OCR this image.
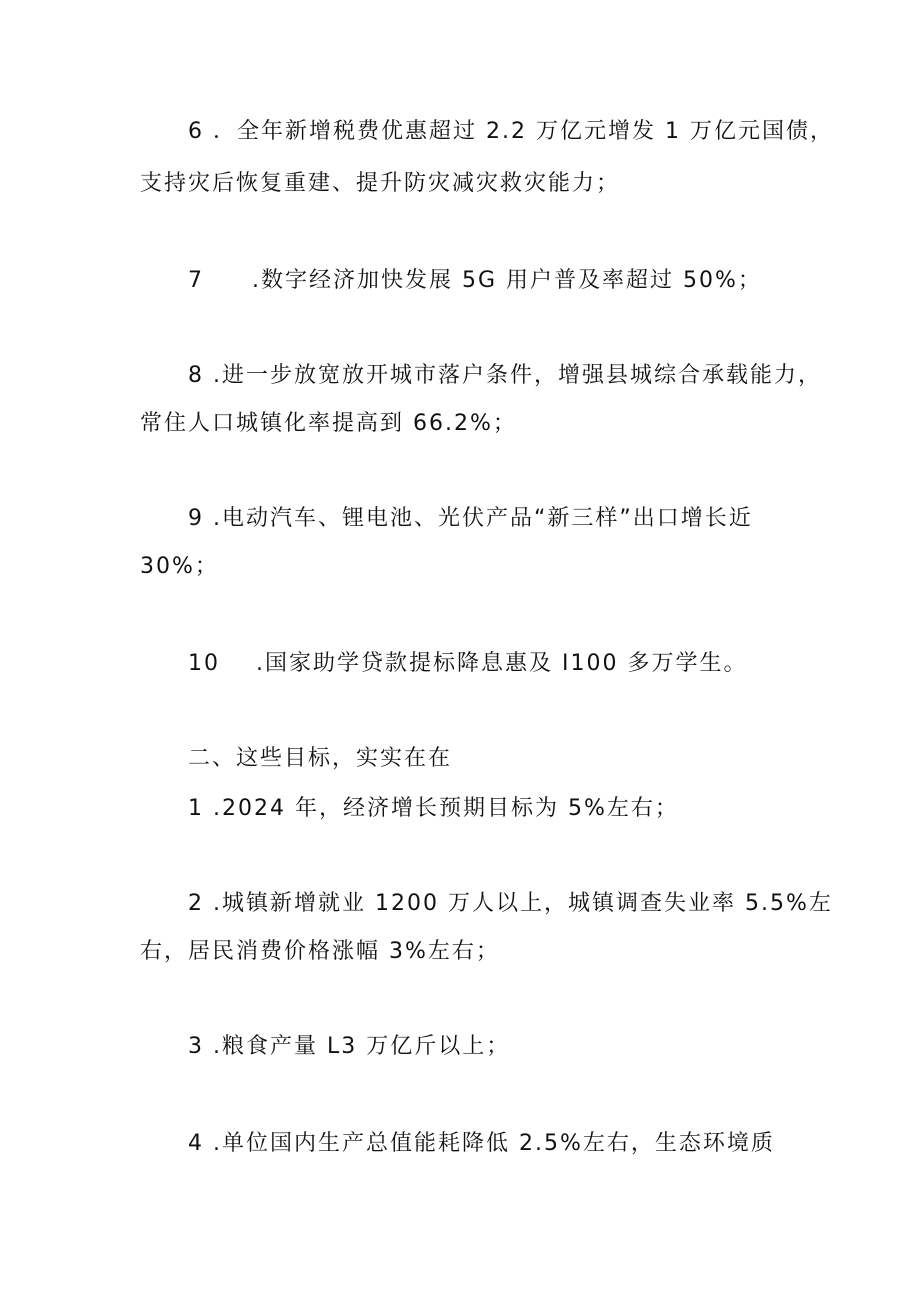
6 ．全年新增税费优惠超过 2.2 万亿元增发 1 万亿元国债，
支持灾后恢复重建、提升防灾减灾救灾能力；
7 .数字经济加快发展 5G 用户普及率超过 50%；
8 .进一步放宽放开城市落户条件，增强县城综合承载能力，
常住人口城镇化率提高到 66.2%；
9 .电动汽车、锂电池、光伏产品“新三样”出口增长近
30%；
10 .国家助学贷款提标降息惠及 I100 多万学生。
二、这些目标，实实在在
1 .2024 年，经济增长预期目标为 5%左右；
2 .城镇新增就业 1200 万人以上，城镇调查失业率 5.5%左
右，居民消费价格涨幅 3%左右；
3 .粮食产量 L3 万亿斤以上；
4 .单位国内生产总值能耗降低 2.5%左右，生态环境质
